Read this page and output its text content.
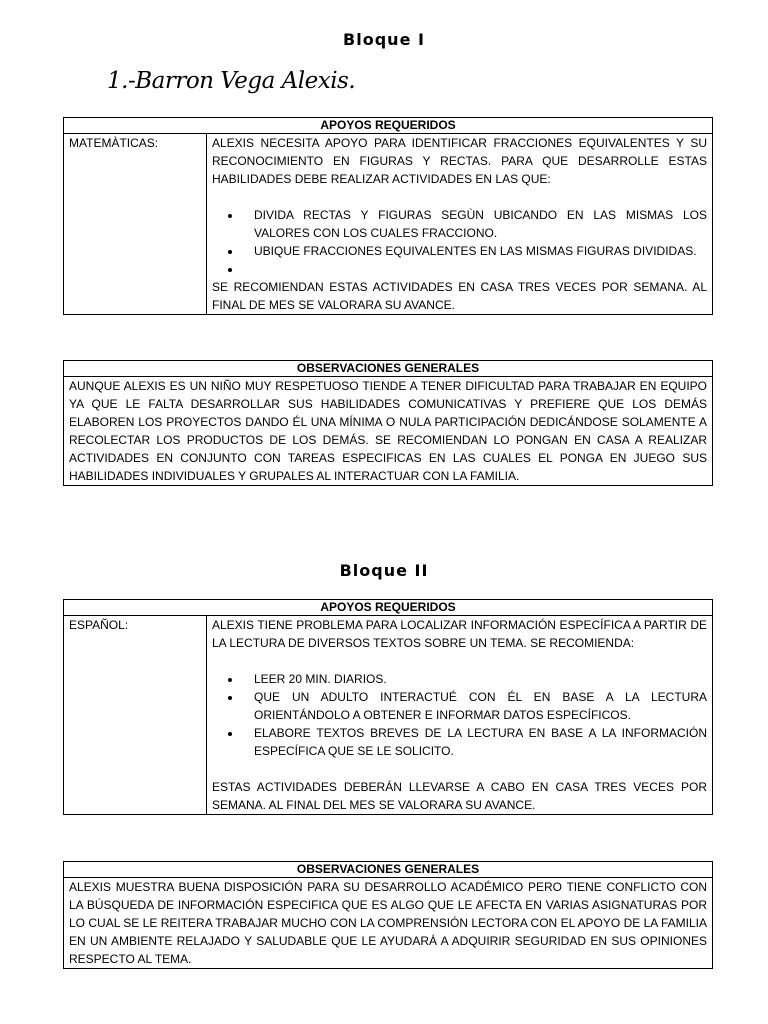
Bloque I
1.-Barron Vega Alexis.
APOYOS REQUERIDOS
MATEMÀTICAS:	ALEXIS NECESITA APOYO PARA IDENTIFICAR FRACCIONES EQUIVALENTES Y SU RECONOCIMIENTO EN FIGURAS Y RECTAS. PARA QUE DESARROLLE ESTAS HABILIDADES DEBE REALIZAR ACTIVIDADES EN LAS QUE:

• DIVIDA RECTAS Y FIGURAS SEGÙN UBICANDO EN LAS MISMAS LOS VALORES CON LOS CUALES FRACCIONO.
• UBIQUE FRACCIONES EQUIVALENTES EN LAS MISMAS FIGURAS DIVIDIDAS.
•

SE RECOMIENDAN ESTAS ACTIVIDADES EN CASA TRES VECES POR SEMANA. AL FINAL DE MES SE VALORARA SU AVANCE.

OBSERVACIONES GENERALES
AUNQUE ALEXIS ES UN NIÑO MUY RESPETUOSO TIENDE A TENER DIFICULTAD PARA TRABAJAR EN EQUIPO YA QUE LE FALTA DESARROLLAR SUS HABILIDADES COMUNICATIVAS Y PREFIERE QUE LOS DEMÁS ELABOREN LOS PROYECTOS DANDO ÉL UNA MÍNIMA O NULA PARTICIPACIÓN DEDICÁNDOSE SOLAMENTE A RECOLECTAR LOS PRODUCTOS DE LOS DEMÁS. SE RECOMIENDAN LO PONGAN EN CASA A REALIZAR ACTIVIDADES EN CONJUNTO CON TAREAS ESPECIFICAS EN LAS CUALES EL PONGA EN JUEGO SUS HABILIDADES INDIVIDUALES Y GRUPALES AL INTERACTUAR CON LA FAMILIA.
Bloque II
APOYOS REQUERIDOS
ESPAÑOL:	ALEXIS TIENE PROBLEMA PARA LOCALIZAR INFORMACIÓN ESPECÍFICA A PARTIR DE LA LECTURA DE DIVERSOS TEXTOS SOBRE UN TEMA. SE RECOMIENDA:

• LEER 20 MIN. DIARIOS.
• QUE UN ADULTO INTERACTUÉ CON ÉL EN BASE A LA LECTURA ORIENTÁNDOLO A OBTENER E INFORMAR DATOS ESPECÍFICOS.
• ELABORE TEXTOS BREVES DE LA LECTURA EN BASE A LA INFORMACIÓN ESPECÍFICA QUE SE LE SOLICITO.

ESTAS ACTIVIDADES DEBERÁN LLEVARSE A CABO EN CASA TRES VECES POR SEMANA. AL FINAL DEL MES SE VALORARA SU AVANCE.

OBSERVACIONES GENERALES
ALEXIS MUESTRA BUENA DISPOSICIÓN PARA SU DESARROLLO ACADÉMICO PERO TIENE CONFLICTO CON LA BÚSQUEDA DE INFORMACIÓN ESPECIFICA QUE ES ALGO QUE LE AFECTA EN VARIAS ASIGNATURAS POR LO CUAL SE LE REITERA TRABAJAR MUCHO CON LA COMPRENSIÓN LECTORA CON EL APOYO DE LA FAMILIA EN UN AMBIENTE RELAJADO Y SALUDABLE QUE LE AYUDARÁ A ADQUIRIR SEGURIDAD EN SUS OPINIONES RESPECTO AL TEMA.
